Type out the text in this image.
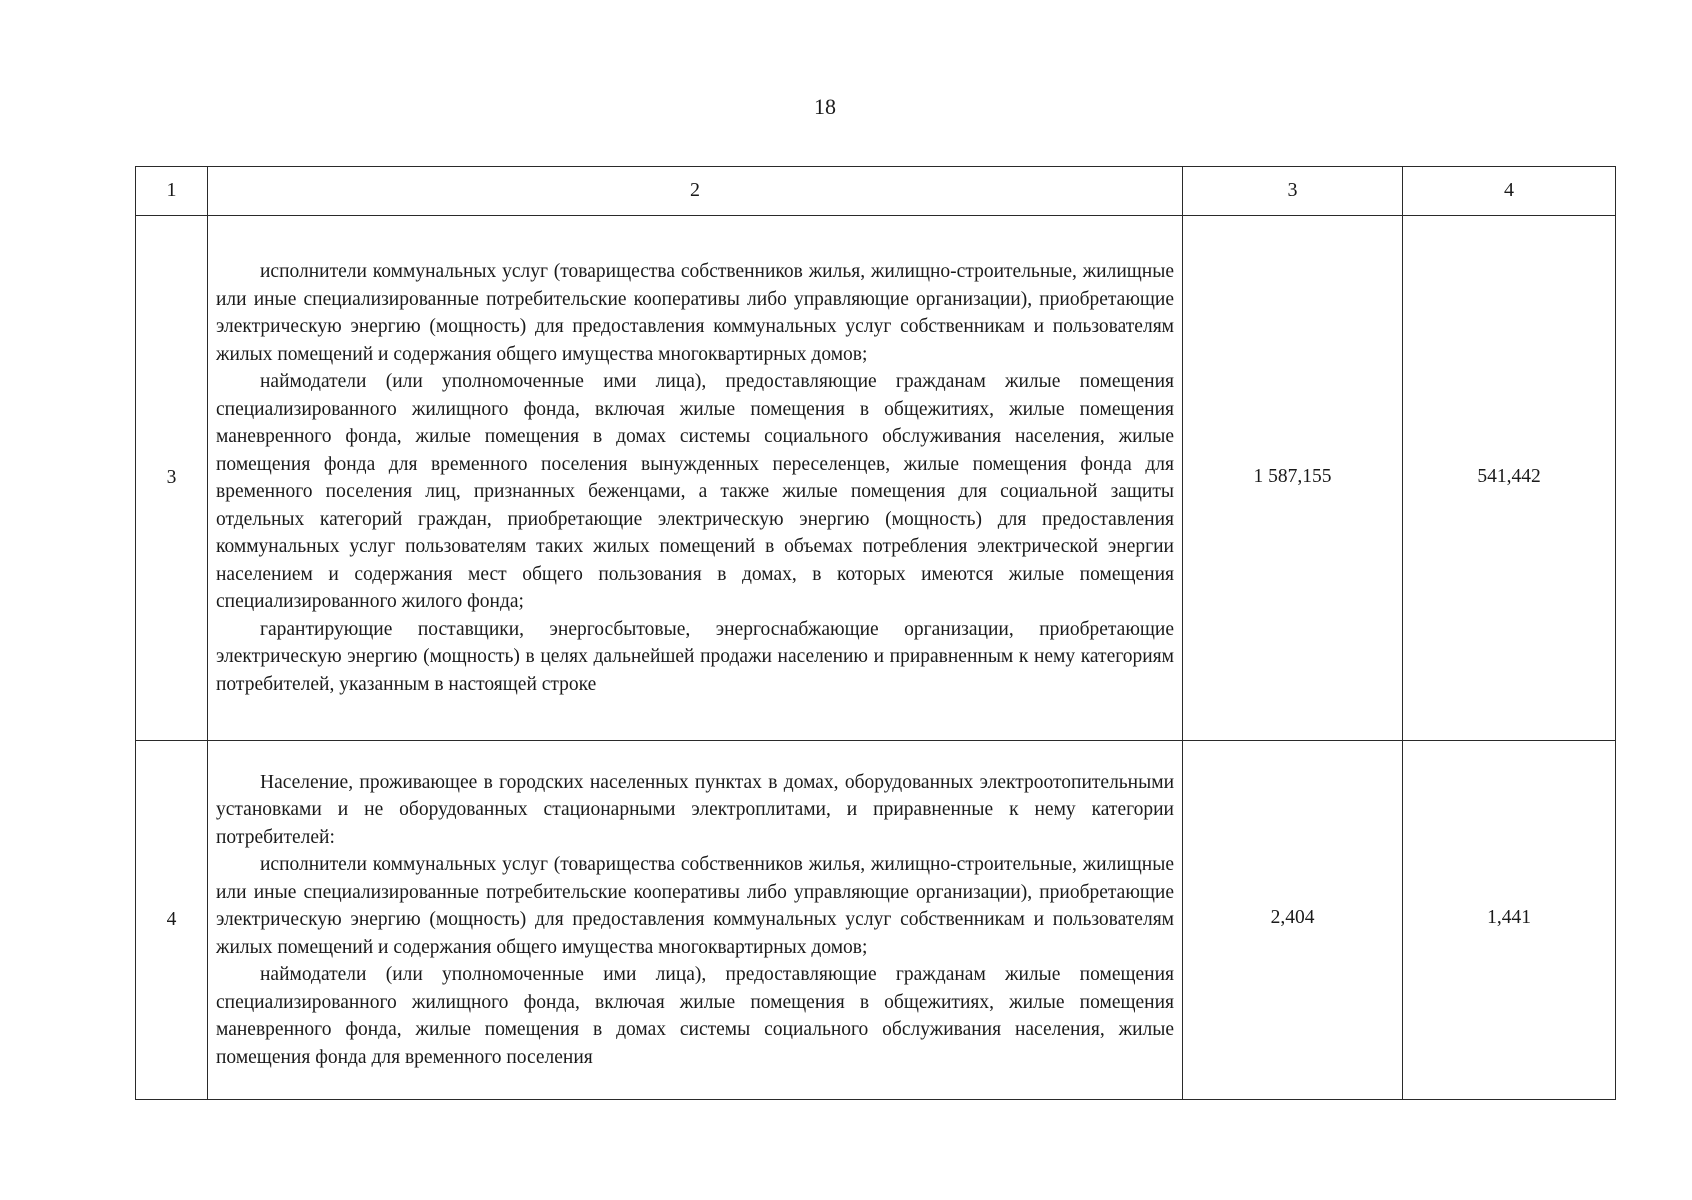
18
1	2	3	4
3	исполнители коммунальных услуг (товарищества собственников жилья, жилищно-строительные, жилищные или иные специализированные потребительские кооперативы либо управляющие организации), приобретающие электрическую энергию (мощность) для предоставления коммунальных услуг собственникам и пользователям жилых помещений и содержания общего имущества многоквартирных домов;

наймодатели (или уполномоченные ими лица), предоставляющие гражданам жилые помещения специализированного жилищного фонда, включая жилые помещения в общежитиях, жилые помещения маневренного фонда, жилые помещения в домах системы социального обслуживания населения, жилые помещения фонда для временного поселения вынужденных переселенцев, жилые помещения фонда для временного поселения лиц, признанных беженцами, а также жилые помещения для социальной защиты отдельных категорий граждан, приобретающие электрическую энергию (мощность) для предоставления коммунальных услуг пользователям таких жилых помещений в объемах потребления электрической энергии населением и содержания мест общего пользования в домах, в которых имеются жилые помещения специализированного жилого фонда;

гарантирующие поставщики, энергосбытовые, энергоснабжающие организации, приобретающие электрическую энергию (мощность) в целях дальнейшей продажи населению и приравненным к нему категориям потребителей, указанным в настоящей строке	1 587,155	541,442
4	Население, проживающее в городских населенных пунктах в домах, оборудованных электроотопительными установками и не оборудованных стационарными электроплитами, и приравненные к нему категории потребителей:

исполнители коммунальных услуг (товарищества собственников жилья, жилищно-строительные, жилищные или иные специализированные потребительские кооперативы либо управляющие организации), приобретающие электрическую энергию (мощность) для предоставления коммунальных услуг собственникам и пользователям жилых помещений и содержания общего имущества многоквартирных домов;

наймодатели (или уполномоченные ими лица), предоставляющие гражданам жилые помещения специализированного жилищного фонда, включая жилые помещения в общежитиях, жилые помещения маневренного фонда, жилые помещения в домах системы социального обслуживания населения, жилые помещения фонда для временного поселения	2,404	1,441
